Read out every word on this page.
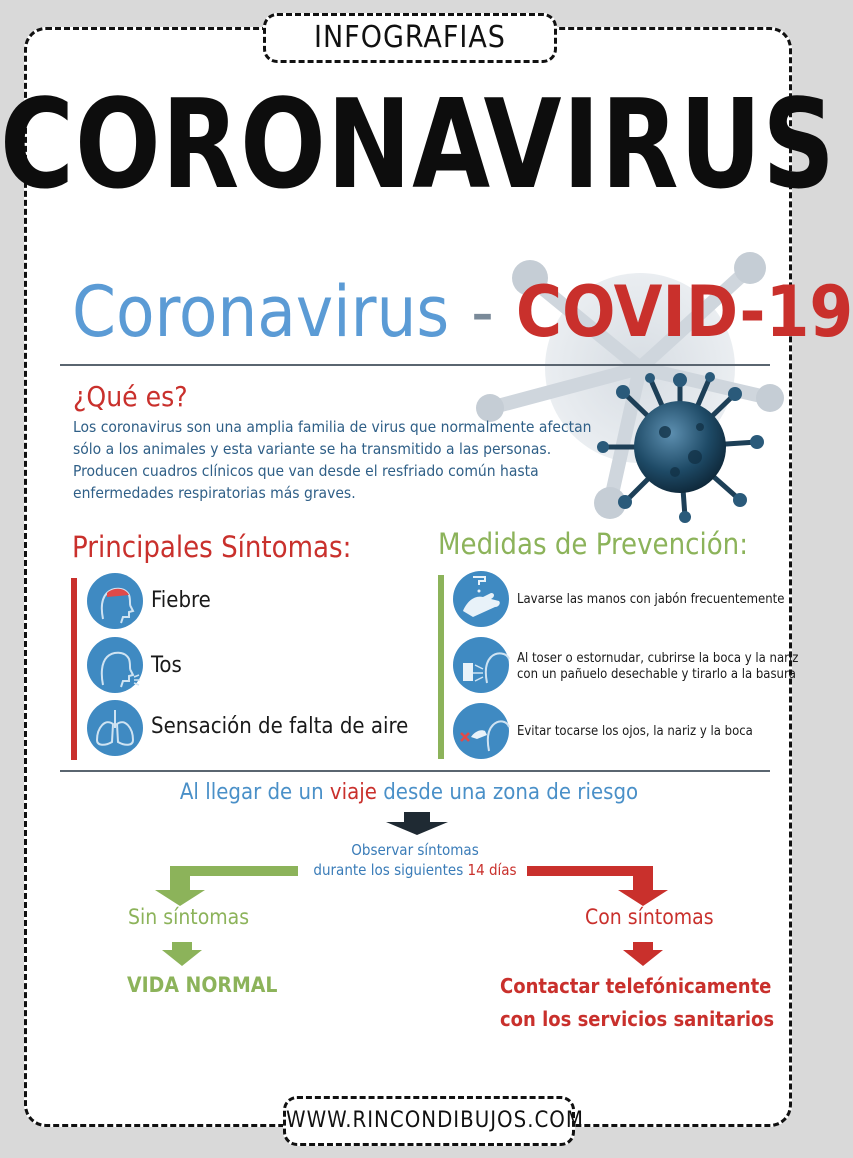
INFOGRAFIAS
CORONAVIRUS
Coronavirus - COVID-19
¿Qué es?
Los coronavirus son una amplia familia de virus que normalmente afectan
sólo a los animales y esta variante se ha transmitido a las personas.
Producen cuadros clínicos que van desde el resfriado común hasta
enfermedades respiratorias más graves.
Principales Síntomas:	Medidas de Prevención:
Fiebre
Tos
Sensación de falta de aire
Lavarse las manos con jabón frecuentemente
Al toser o estornudar, cubrirse la boca y la nariz
con un pañuelo desechable y tirarlo a la basura
Evitar tocarse los ojos, la nariz y la boca
Al llegar de un viaje desde una zona de riesgo
Observar síntomas
durante los siguientes 14 días
Sin síntomas
VIDA NORMAL
Con síntomas
Contactar telefónicamente
con los servicios sanitarios
WWW.RINCONDIBUJOS.COM
